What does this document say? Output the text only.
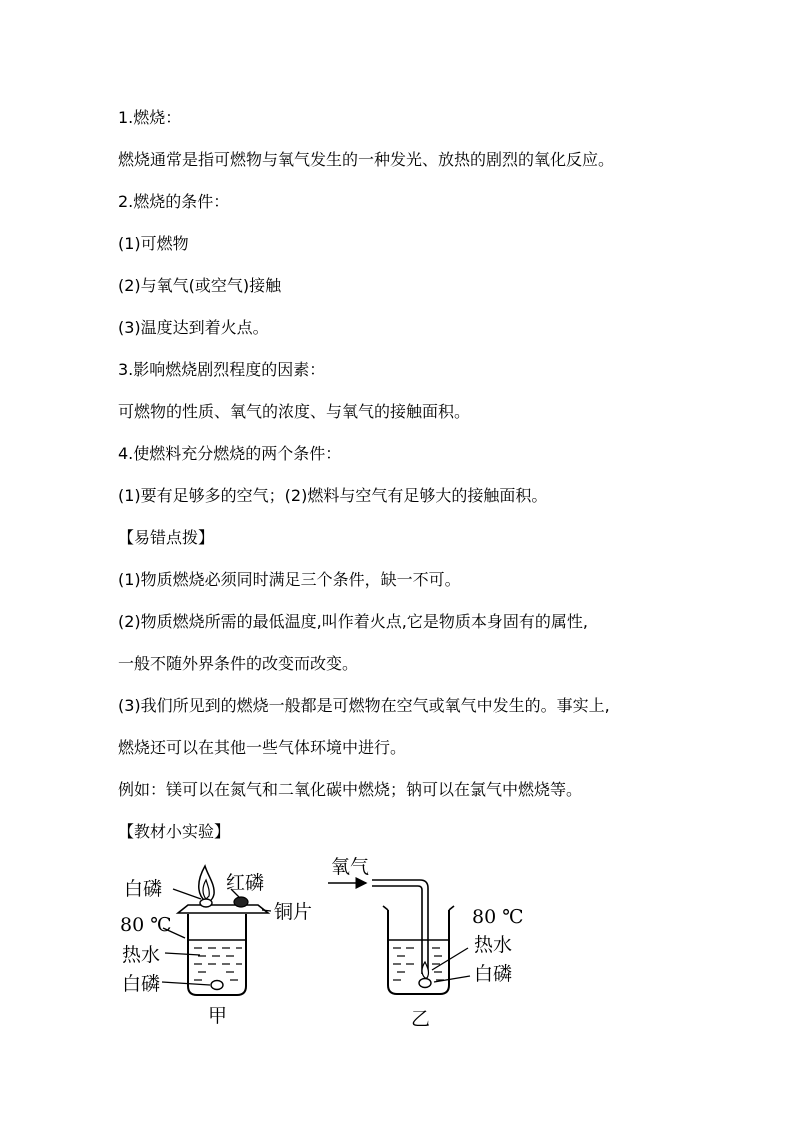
1.燃烧：
燃烧通常是指可燃物与氧气发生的一种发光、放热的剧烈的氧化反应。
2.燃烧的条件：
(1)可燃物
(2)与氧气(或空气)接触
(3)温度达到着火点。
3.影响燃烧剧烈程度的因素：
可燃物的性质、氧气的浓度、与氧气的接触面积。
4.使燃料充分燃烧的两个条件：
(1)要有足够多的空气；(2)燃料与空气有足够大的接触面积。
【易错点拨】
(1)物质燃烧必须同时满足三个条件，缺一不可。
(2)物质燃烧所需的最低温度,叫作着火点,它是物质本身固有的属性,
一般不随外界条件的改变而改变。
(3)我们所见到的燃烧一般都是可燃物在空气或氧气中发生的。事实上,
燃烧还可以在其他一些气体环境中进行。
例如：镁可以在氮气和二氧化碳中燃烧；钠可以在氯气中燃烧等。
【教材小实验】
白磷	红磷
铜片
80 ℃
热水
白磷
甲
氧气
80 ℃
热水
白磷
乙
